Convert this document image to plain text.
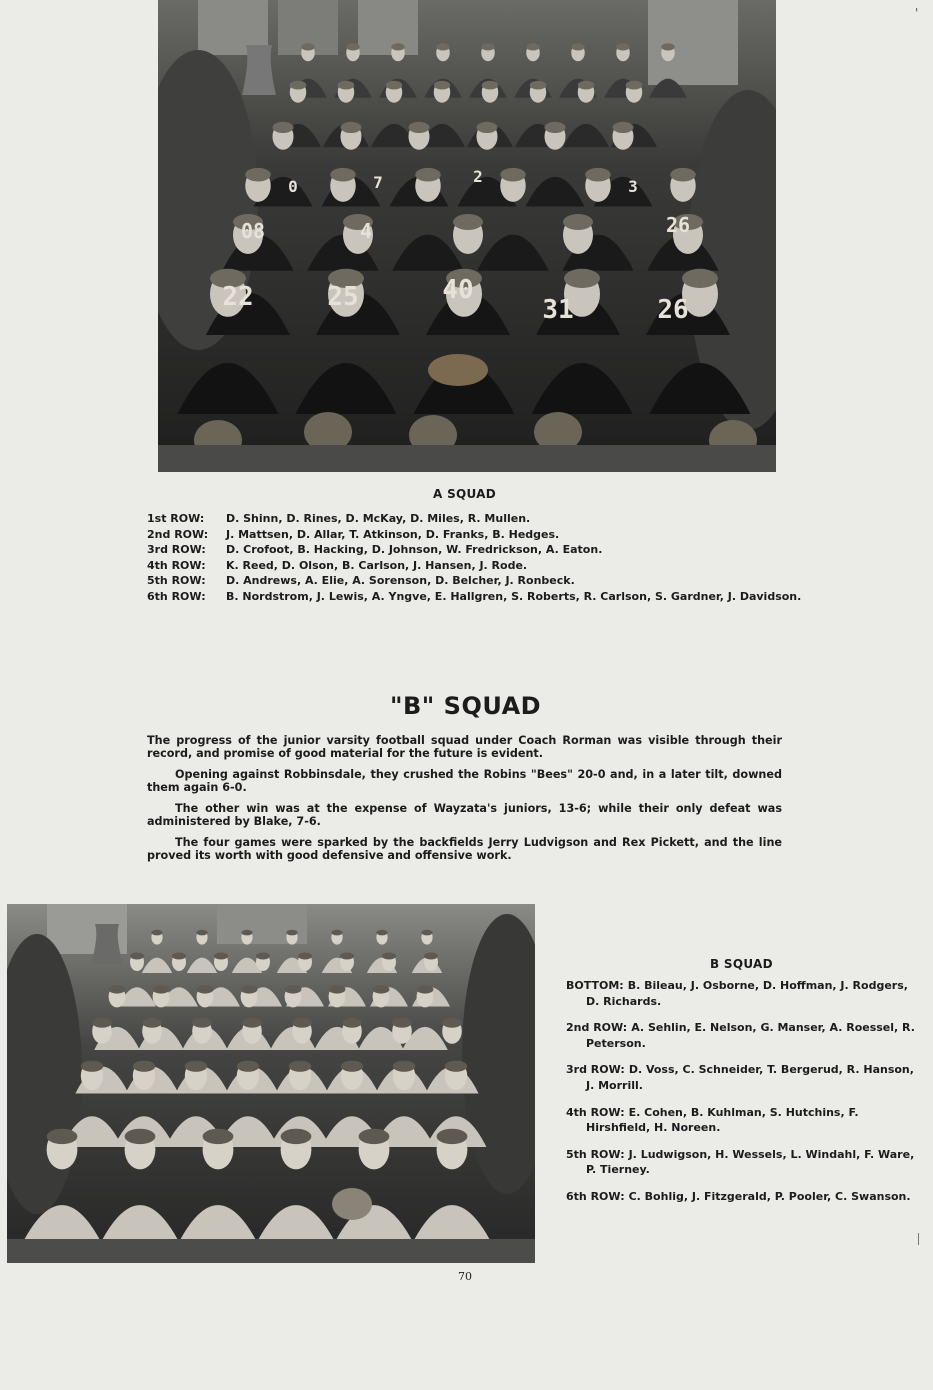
22	25	40
31	26
08	4	26
0	7	2
3
A SQUAD
1st ROW:	D. Shinn, D. Rines, D. McKay, D. Miles, R. Mullen.
2nd ROW:	J. Mattsen, D. Allar, T. Atkinson, D. Franks, B. Hedges.
3rd ROW:	D. Crofoot, B. Hacking, D. Johnson, W. Fredrickson, A. Eaton.
4th ROW:	K. Reed, D. Olson, B. Carlson, J. Hansen, J. Rode.
5th ROW:	D. Andrews, A. Elie, A. Sorenson, D. Belcher, J. Ronbeck.
6th ROW:	B. Nordstrom, J. Lewis, A. Yngve, E. Hallgren, S. Roberts, R. Carlson, S. Gardner, J. Davidson.
"B" SQUAD

The progress of the junior varsity football squad under Coach Rorman was visible through their record, and promise of good material for the future is evident.

Opening against Robbinsdale, they crushed the Robins "Bees" 20-0 and, in a later tilt, downed them again 6-0.

The other win was at the expense of Wayzata's juniors, 13-6; while their only defeat was administered by Blake, 7-6.

The four games were sparked by the backfields Jerry Ludvigson and Rex Pickett, and the line proved its worth with good defensive and offensive work.

B SQUAD
BOTTOM: B. Bileau, J. Osborne, D. Hoffman, J. Rodgers, D. Richards.
2nd ROW: A. Sehlin, E. Nelson, G. Manser, A. Roessel, R. Peterson.
3rd ROW: D. Voss, C. Schneider, T. Bergerud, R. Hanson, J. Morrill.
4th ROW: E. Cohen, B. Kuhlman, S. Hutchins, F. Hirshfield, H. Noreen.
5th ROW: J. Ludwigson, H. Wessels, L. Windahl, F. Ware, P. Tierney.
6th ROW: C. Bohlig, J. Fitzgerald, P. Pooler, C. Swanson.
70
'
